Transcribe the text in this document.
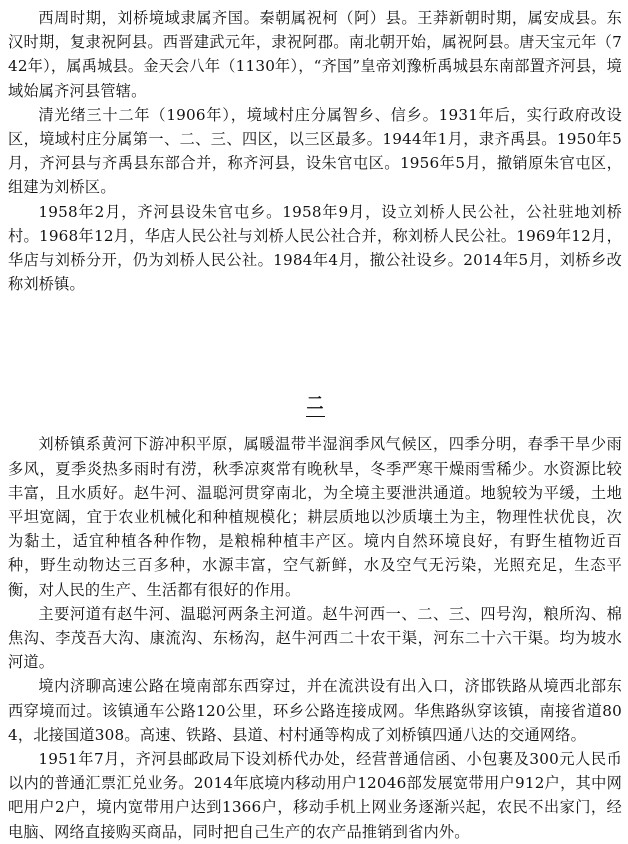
西周时期，刘桥境域隶属齐国。秦朝属祝柯（阿）县。王莽新朝时期，属安成县。东汉时期，复隶祝阿县。西晋建武元年，隶祝阿郡。南北朝开始，属祝阿县。唐天宝元年（742年），属禹城县。金天会八年（1130年），“齐国”皇帝刘豫析禹城县东南部置齐河县，境域始属齐河县管辖。

清光绪三十二年（1906年），境域村庄分属智乡、信乡。1931年后，实行政府改设区，境域村庄分属第一、二、三、四区，以三区最多。1944年1月，隶齐禹县。1950年5月，齐河县与齐禹县东部合并，称齐河县，设朱官屯区。1956年5月，撤销原朱官屯区，组建为刘桥区。

1958年2月，齐河县设朱官屯乡。1958年9月，设立刘桥人民公社，公社驻地刘桥村。1968年12月，华店人民公社与刘桥人民公社合并，称刘桥人民公社。1969年12月，华店与刘桥分开，仍为刘桥人民公社。1984年4月，撤公社设乡。2014年5月，刘桥乡改称刘桥镇。

二

刘桥镇系黄河下游冲积平原，属暖温带半湿润季风气候区，四季分明，春季干旱少雨多风，夏季炎热多雨时有涝，秋季凉爽常有晚秋旱，冬季严寒干燥雨雪稀少。水资源比较丰富，且水质好。赵牛河、温聪河贯穿南北，为全境主要泄洪通道。地貌较为平缓，土地平坦宽阔，宜于农业机械化和种植规模化；耕层质地以沙质壤土为主，物理性状优良，次为黏土，适宜种植各种作物，是粮棉种植丰产区。境内自然环境良好，有野生植物近百种，野生动物达三百多种，水源丰富，空气新鲜，水及空气无污染，光照充足，生态平衡，对人民的生产、生活都有很好的作用。

主要河道有赵牛河、温聪河两条主河道。赵牛河西一、二、三、四号沟，粮所沟、棉焦沟、李茂吾大沟、康流沟、东杨沟，赵牛河西二十农干渠，河东二十六干渠。均为坡水河道。

境内济聊高速公路在境南部东西穿过，并在流洪设有出入口，济邯铁路从境西北部东西穿境而过。该镇通车公路120公里，环乡公路连接成网。华焦路纵穿该镇，南接省道804，北接国道308。高速、铁路、县道、村村通等构成了刘桥镇四通八达的交通网络。

1951年7月，齐河县邮政局下设刘桥代办处，经营普通信函、小包裹及300元人民币以内的普通汇票汇兑业务。2014年底境内移动用户12046部发展宽带用户912户，其中网吧用户2户，境内宽带用户达到1366户，移动手机上网业务逐渐兴起，农民不出家门，经电脑、网络直接购买商品，同时把自己生产的农产品推销到省内外。
